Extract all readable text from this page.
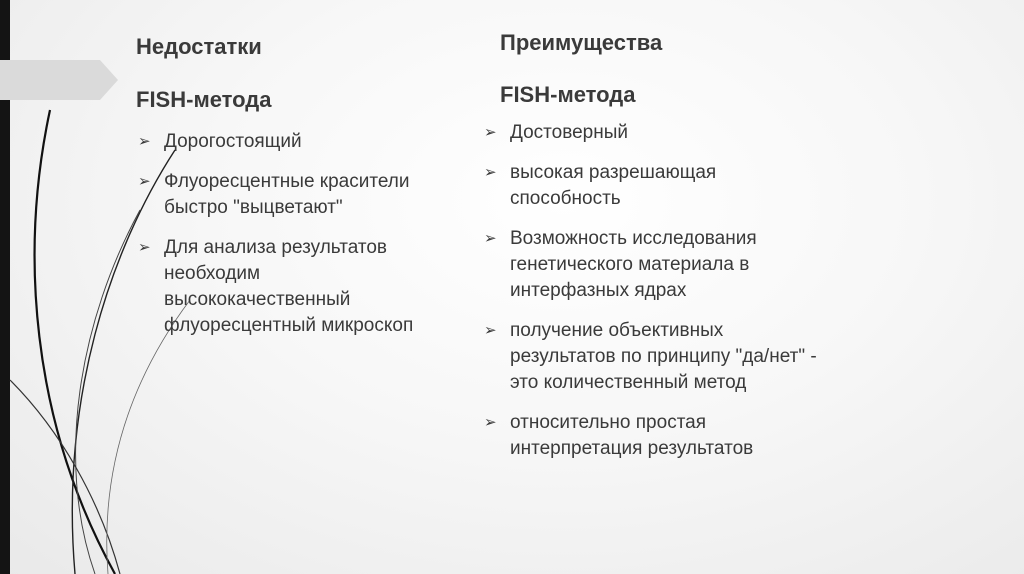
Недостатки

FISH-метода

➢ Дорогостоящий
➢ Флуоресцентные красители
быстро "выцветают"
➢ Для анализа результатов
необходим
высококачественный
флуоресцентный микроскоп

Преимущества

FISH-метода

➢ Достоверный
➢ высокая разрешающая
способность
➢ Возможность исследования
генетического материала в
интерфазных ядрах
➢ получение объективных
результатов по принципу "да/нет" -
это количественный метод
➢ относительно простая
интерпретация результатов
